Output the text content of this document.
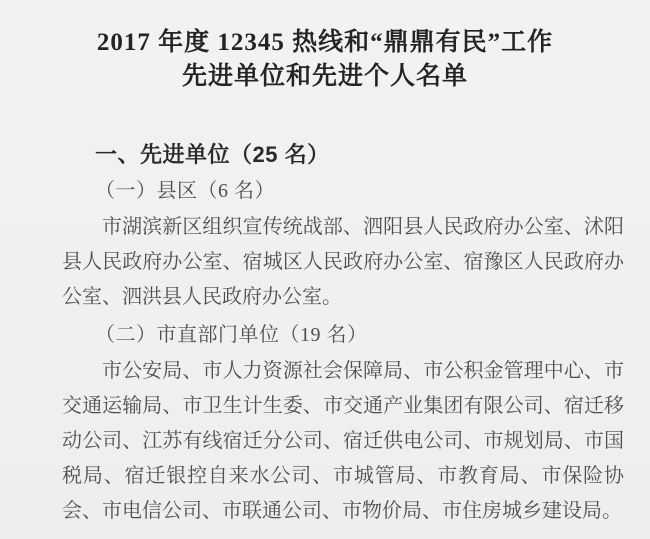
2017 年度 12345 热线和“鼎鼎有民”工作
先进单位和先进个人名单
一、先进单位（25 名）
（一）县区（6 名）

市湖滨新区组织宣传统战部、泗阳县人民政府办公室、沭阳县人民政府办公室、宿城区人民政府办公室、宿豫区人民政府办公室、泗洪县人民政府办公室。

（二）市直部门单位（19 名）

市公安局、市人力资源社会保障局、市公积金管理中心、市交通运输局、市卫生计生委、市交通产业集团有限公司、宿迁移动公司、江苏有线宿迁分公司、宿迁供电公司、市规划局、市国税局、宿迁银控自来水公司、市城管局、市教育局、市保险协会、市电信公司、市联通公司、市物价局、市住房城乡建设局。
